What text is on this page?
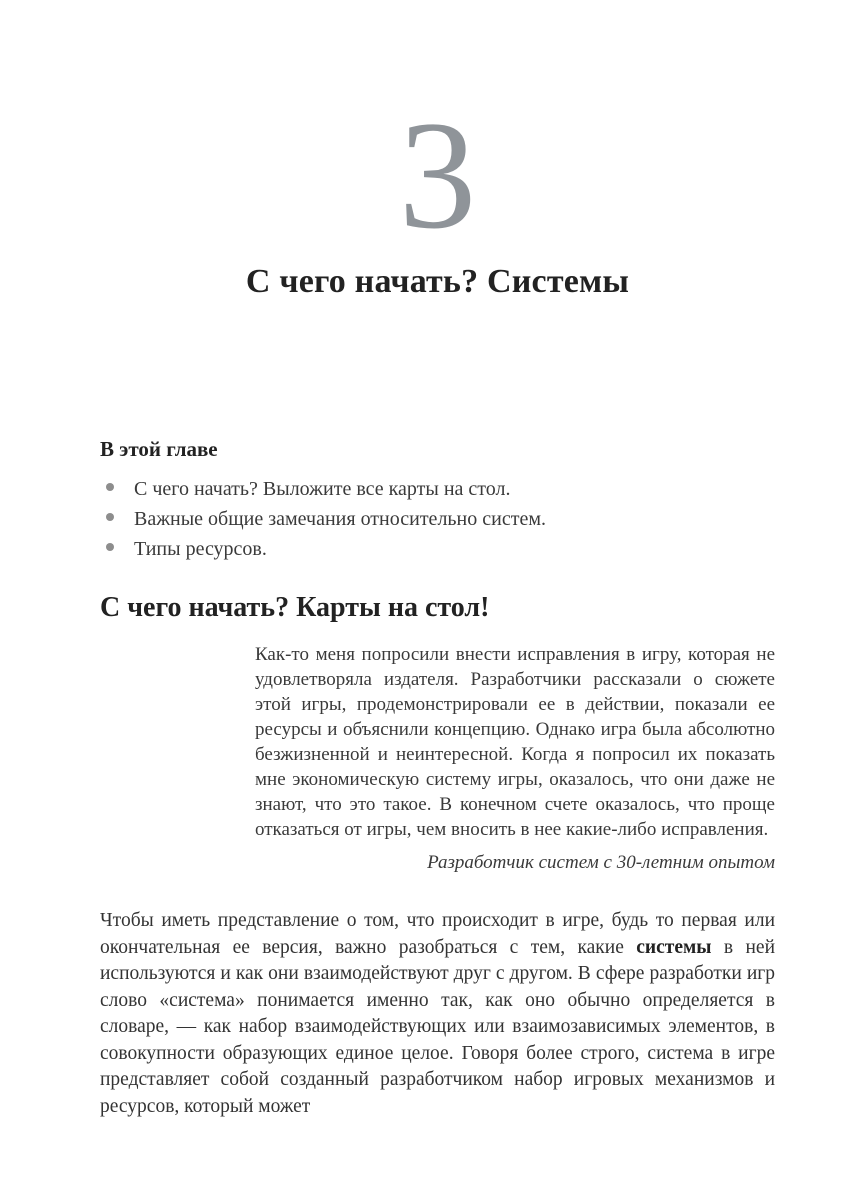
3
С чего начать? Системы
В этой главе
С чего начать? Выложите все карты на стол.
Важные общие замечания относительно систем.
Типы ресурсов.
С чего начать? Карты на стол!
Как-то меня попросили внести исправления в игру, которая не удовлетворяла издателя. Разработчики рассказали о сюжете этой игры, продемонстрировали ее в действии, показали ее ресурсы и объяснили концепцию. Однако игра была абсолютно безжизненной и неинтересной. Когда я попросил их показать мне экономическую систему игры, оказалось, что они даже не знают, что это такое. В конечном счете оказалось, что проще отказаться от игры, чем вносить в нее какие-либо исправления.
Разработчик систем с 30-летним опытом
Чтобы иметь представление о том, что происходит в игре, будь то первая или окончательная ее версия, важно разобраться с тем, какие системы в ней используются и как они взаимодействуют друг с другом. В сфере разработки игр слово «система» понимается именно так, как оно обычно определяется в словаре, — как набор взаимодействующих или взаимозависимых элементов, в совокупности образующих единое целое. Говоря более строго, система в игре представляет собой созданный разработчиком набор игровых механизмов и ресурсов, который может
